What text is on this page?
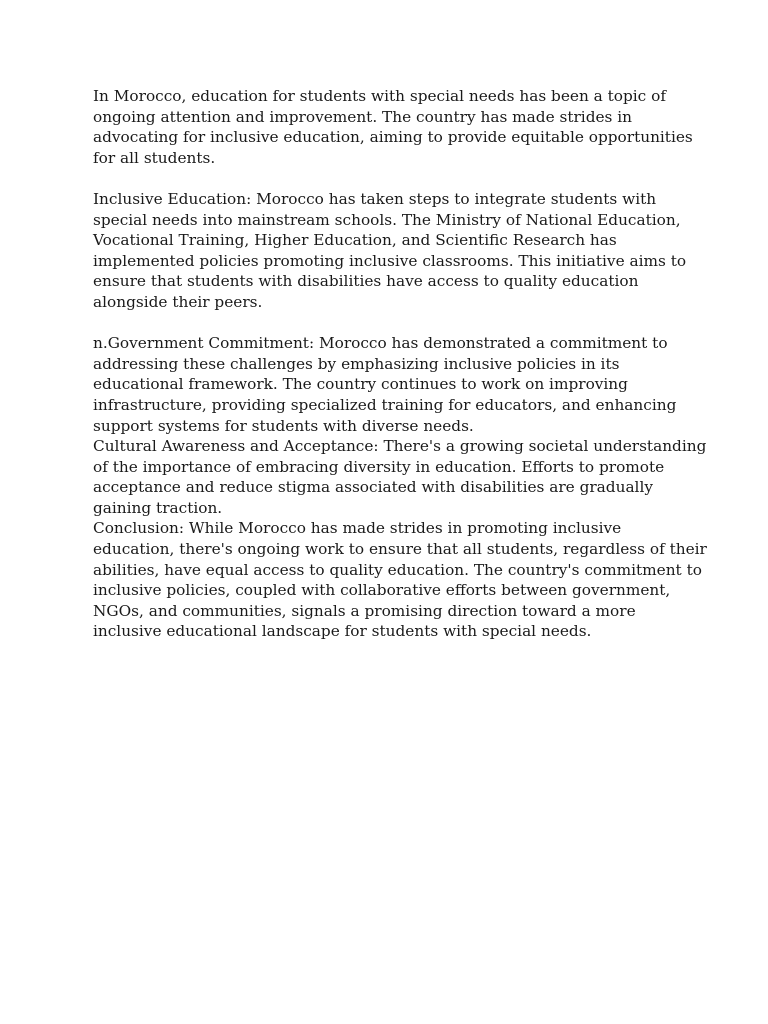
In Morocco, education for students with special needs has been a topic of
ongoing attention and improvement. The country has made strides in
advocating for inclusive education, aiming to provide equitable opportunities
for all students.

Inclusive Education: Morocco has taken steps to integrate students with
special needs into mainstream schools. The Ministry of National Education,
Vocational Training, Higher Education, and Scientific Research has
implemented policies promoting inclusive classrooms. This initiative aims to
ensure that students with disabilities have access to quality education
alongside their peers.

n.Government Commitment: Morocco has demonstrated a commitment to
addressing these challenges by emphasizing inclusive policies in its
educational framework. The country continues to work on improving
infrastructure, providing specialized training for educators, and enhancing
support systems for students with diverse needs.

Cultural Awareness and Acceptance: There's a growing societal understanding
of the importance of embracing diversity in education. Efforts to promote
acceptance and reduce stigma associated with disabilities are gradually
gaining traction.

Conclusion: While Morocco has made strides in promoting inclusive
education, there's ongoing work to ensure that all students, regardless of their
abilities, have equal access to quality education. The country's commitment to
inclusive policies, coupled with collaborative efforts between government,
NGOs, and communities, signals a promising direction toward a more
inclusive educational landscape for students with special needs.
